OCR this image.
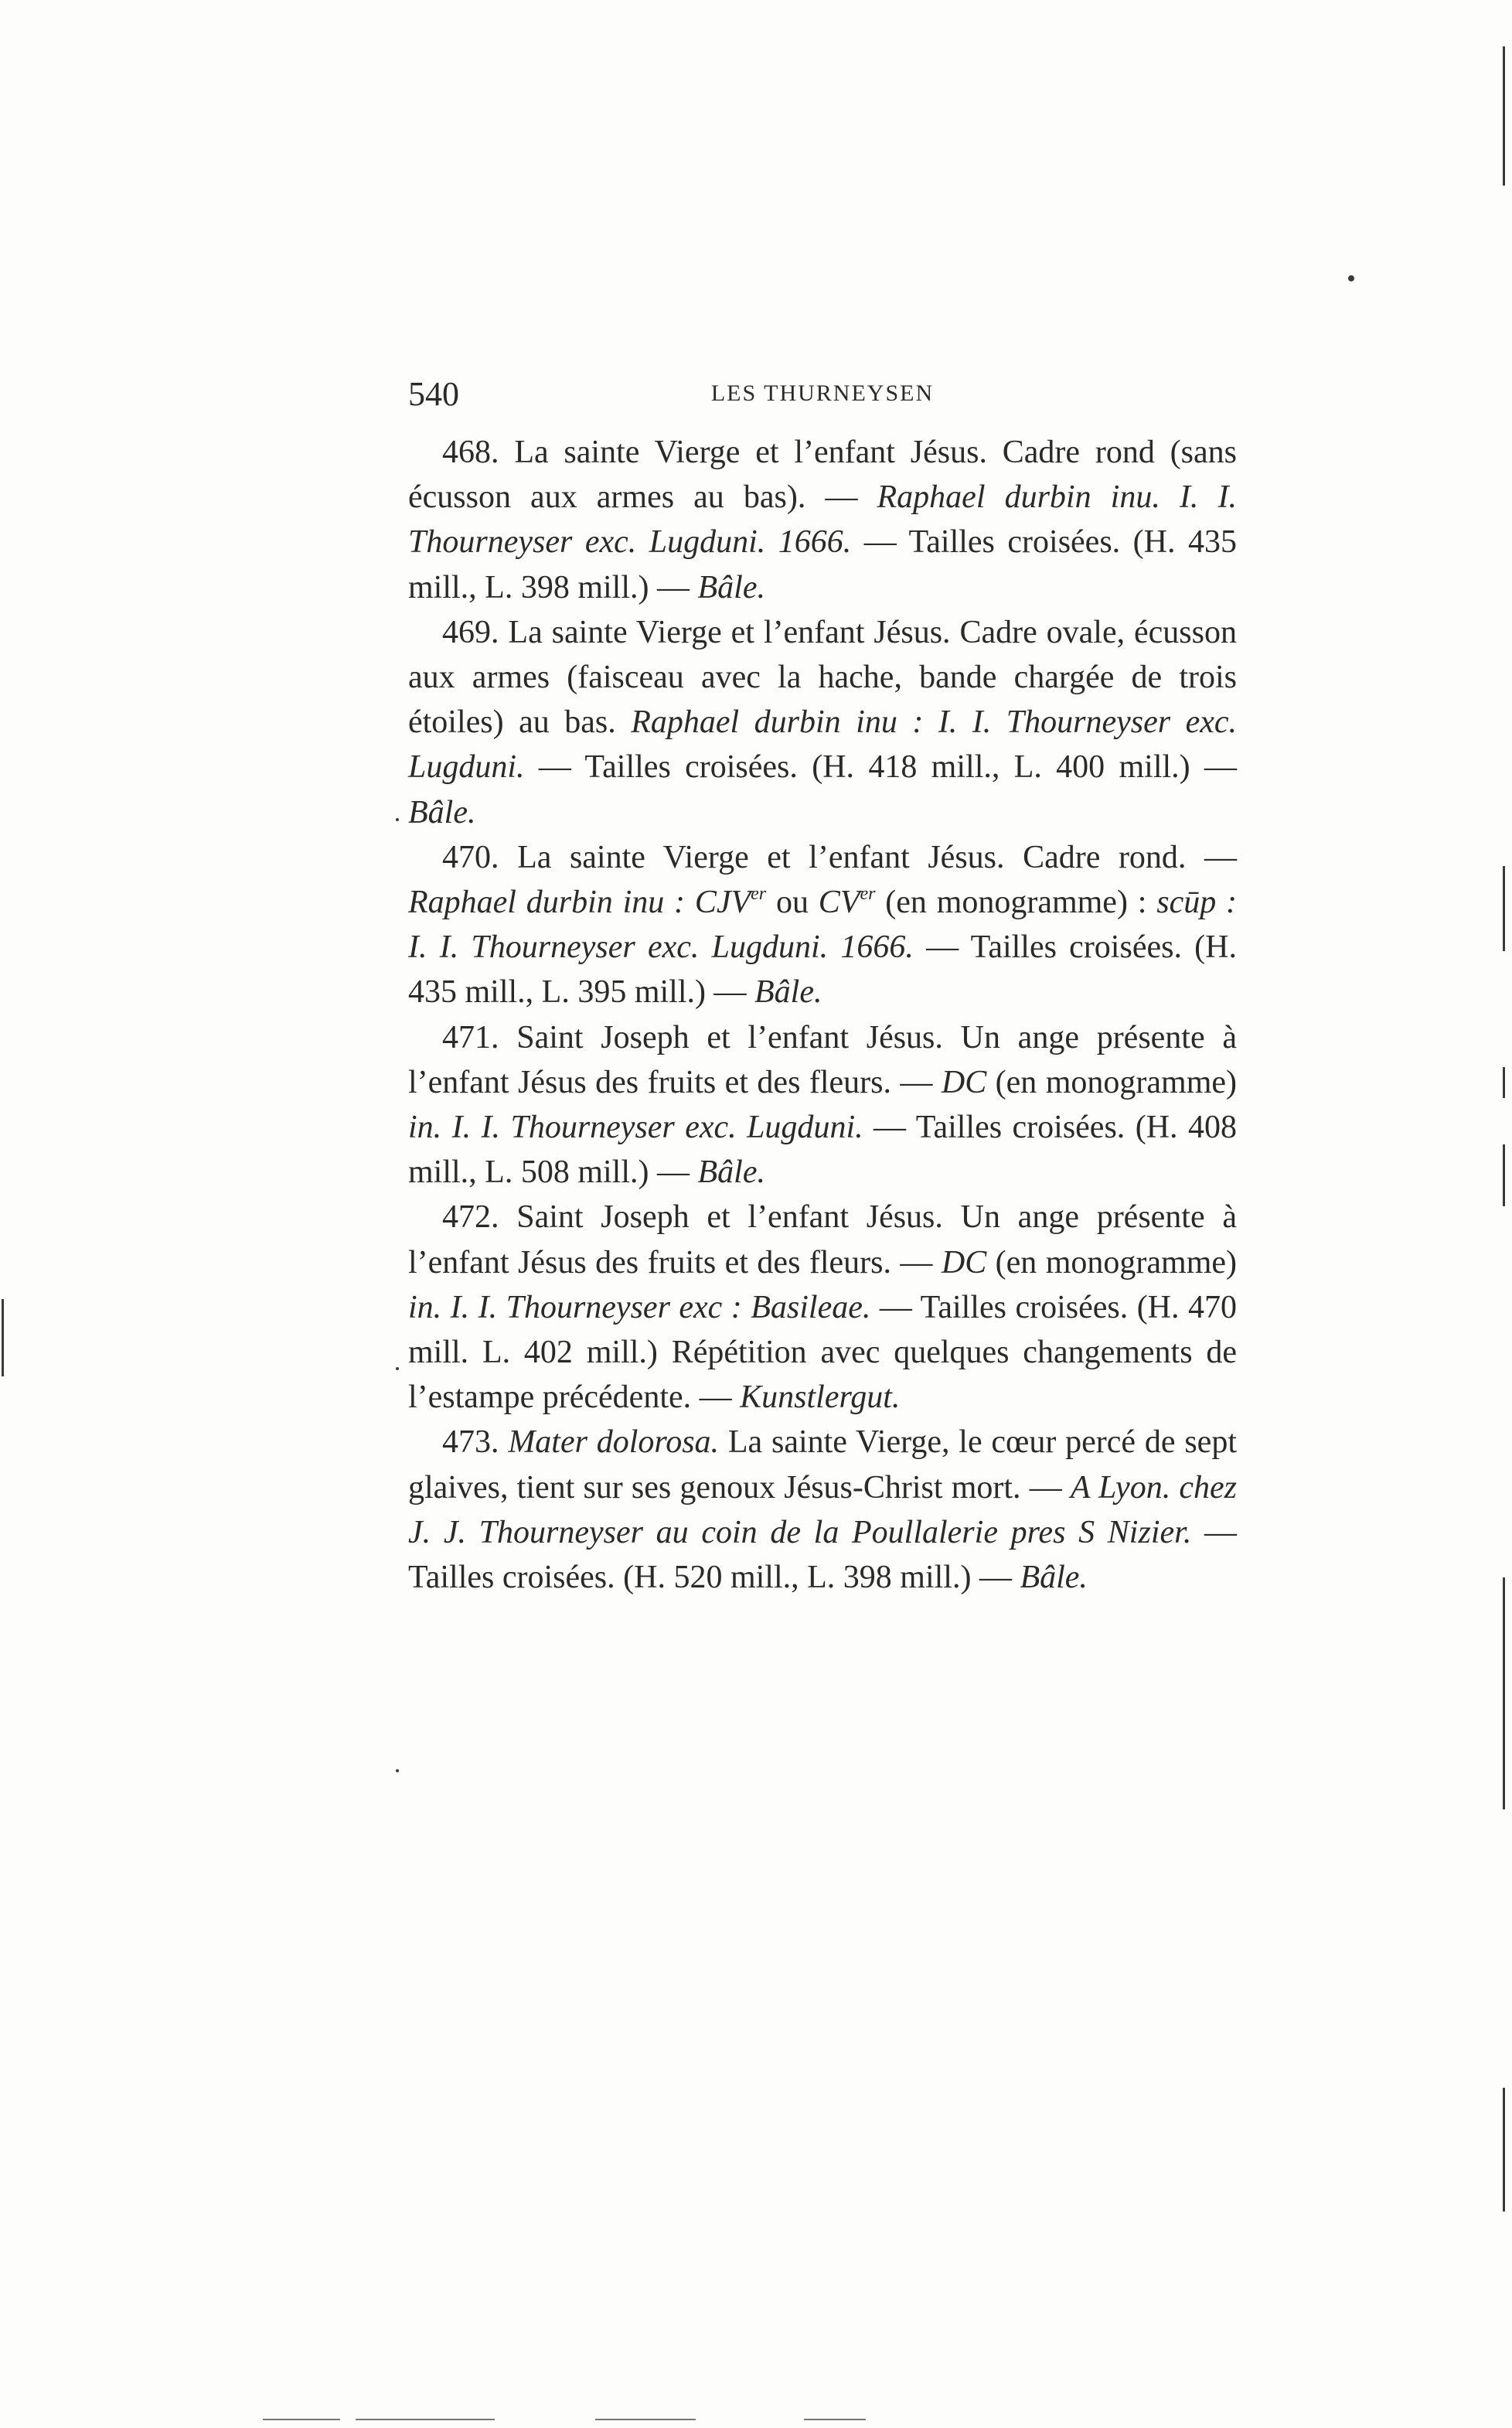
540	LES THURNEYSEN

468. La sainte Vierge et l’enfant Jésus. Cadre rond (sans écusson aux armes au bas). — Raphael durbin inu. I. I. Thourneyser exc. Lugduni. 1666. — Tailles croisées. (H. 435 mill., L. 398 mill.) — Bâle.

469. La sainte Vierge et l’enfant Jésus. Cadre ovale, écusson aux armes (faisceau avec la hache, bande chargée de trois étoiles) au bas. Raphael durbin inu : I. I. Thourneyser exc. Lugduni. — Tailles croisées. (H. 418 mill., L. 400 mill.) — Bâle.

470. La sainte Vierge et l’enfant Jésus. Cadre rond. — Raphael durbin inu : $CJV^{er}$ ou CVer (en monogramme) : scūp : I. I. Thourneyser exc. Lugduni. 1666. — Tailles croisées. (H. 435 mill., L. 395 mill.) — Bâle.

471. Saint Joseph et l’enfant Jésus. Un ange présente à l’enfant Jésus des fruits et des fleurs. — DC (en monogramme) in. I. I. Thourneyser exc. Lugduni. — Tailles croisées. (H. 408 mill., L. 508 mill.) — Bâle.

472. Saint Joseph et l’enfant Jésus. Un ange présente à l’enfant Jésus des fruits et des fleurs. — DC (en monogramme) in. I. I. Thourneyser exc : Basileae. — Tailles croisées. (H. 470 mill. L. 402 mill.) Répétition avec quelques changements de l’estampe précédente. — Kunstlergut.

473. Mater dolorosa. La sainte Vierge, le cœur percé de sept glaives, tient sur ses genoux Jésus-Christ mort. — A Lyon. chez J. J. Thourneyser au coin de la Poullalerie pres S Nizier. — Tailles croisées. (H. 520 mill., L. 398 mill.) — Bâle.
